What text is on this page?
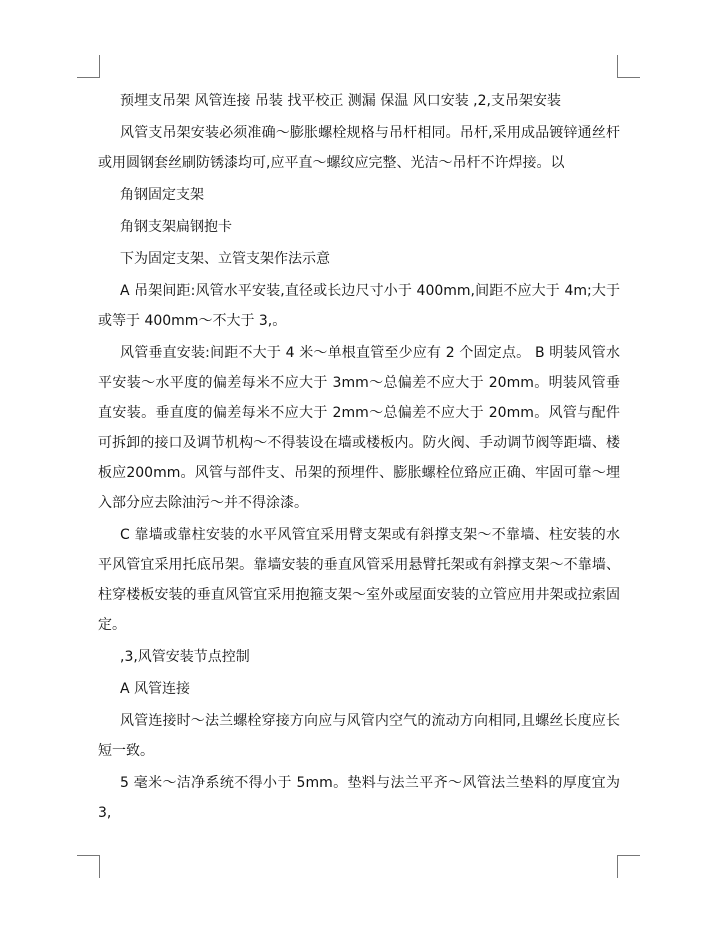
预埋支吊架 风管连接 吊装 找平校正 测漏 保温 风口安装 ,2,支吊架安装

风管支吊架安装必须准确～膨胀螺栓规格与吊杆相同。吊杆,采用成品镀锌通丝杆或用圆钢套丝刷防锈漆均可,应平直～螺纹应完整、光洁～吊杆不许焊接。以

角钢固定支架

角钢支架扁钢抱卡

下为固定支架、立管支架作法示意

A 吊架间距:风管水平安装,直径或长边尺寸小于 400mm,间距不应大于 4m;大于或等于 400mm～不大于 3,。

风管垂直安装:间距不大于 4 米～单根直管至少应有 2 个固定点。 B 明装风管水平安装～水平度的偏差每米不应大于 3mm～总偏差不应大于 20mm。明装风管垂直安装。垂直度的偏差每米不应大于 2mm～总偏差不应大于 20mm。风管与配件可拆卸的接口及调节机构～不得装设在墙或楼板内。防火阀、手动调节阀等距墙、楼板应200mm。风管与部件支、吊架的预埋件、膨胀螺栓位臵应正确、牢固可靠～埋入部分应去除油污～并不得涂漆。

C 靠墙或靠柱安装的水平风管宜采用臂支架或有斜撑支架～不靠墙、柱安装的水平风管宜采用托底吊架。靠墙安装的垂直风管采用悬臂托架或有斜撑支架～不靠墙、柱穿楼板安装的垂直风管宜采用抱箍支架～室外或屋面安装的立管应用井架或拉索固定。

,3,风管安装节点控制

A 风管连接

风管连接时～法兰螺栓穿接方向应与风管内空气的流动方向相同,且螺丝长度应长短一致。

5 毫米～洁净系统不得小于 5mm。垫料与法兰平齐～风管法兰垫料的厚度宜为3,
